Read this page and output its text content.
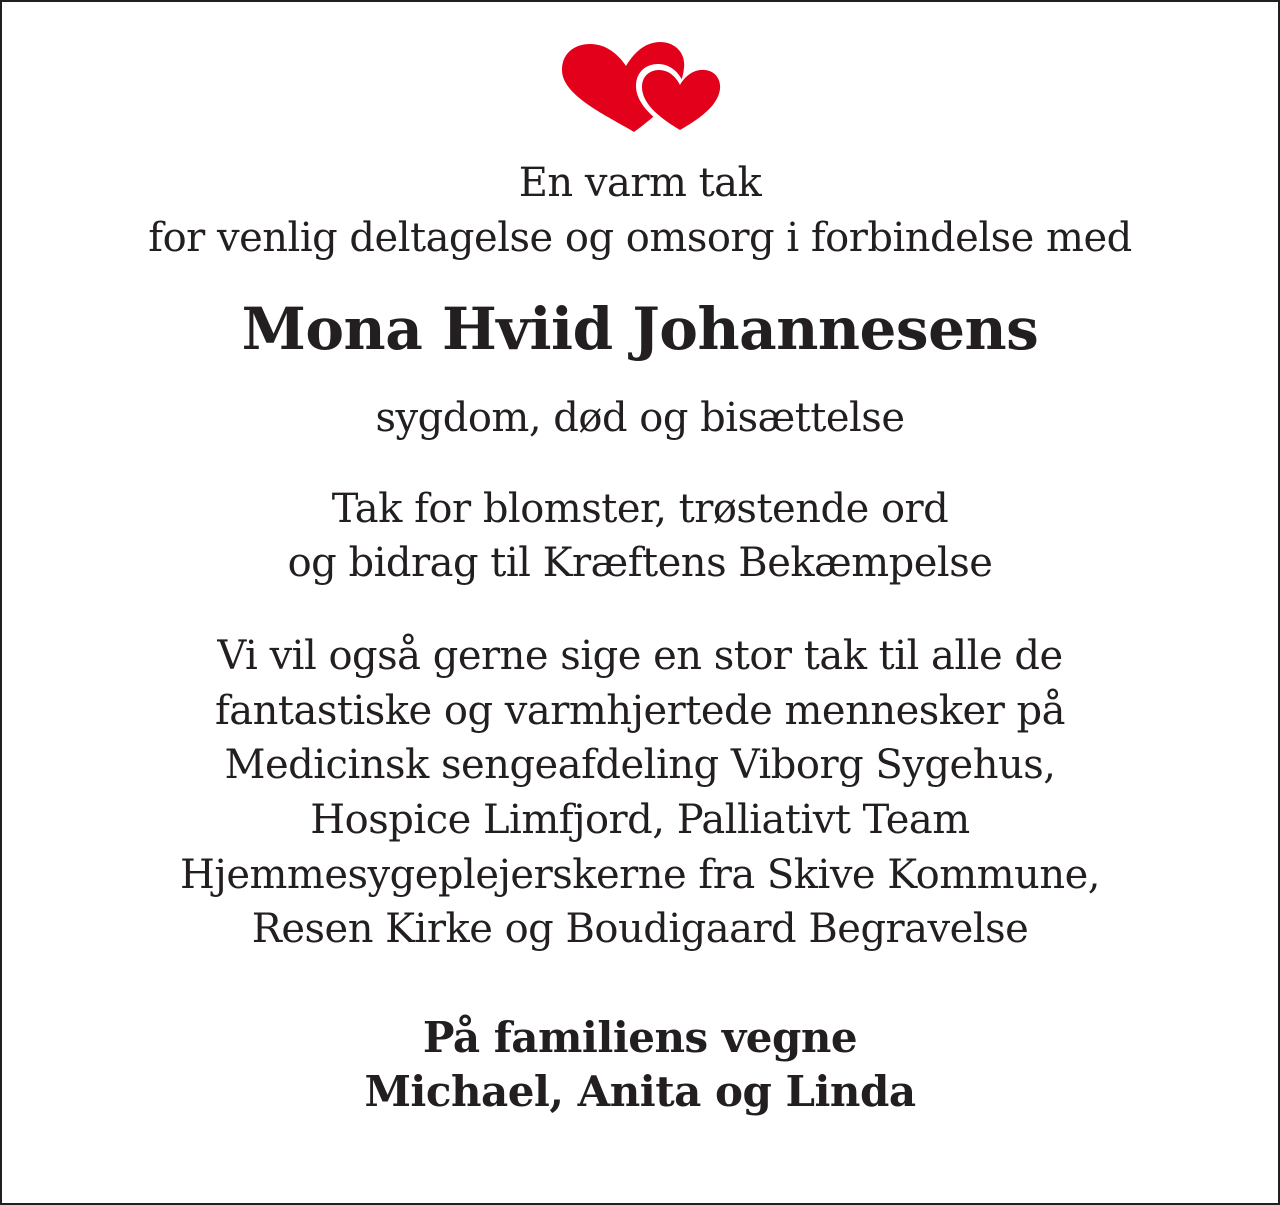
En varm tak

for venlig deltagelse og omsorg i forbindelse med

Mona Hviid Johannesens

sygdom, død og bisættelse

Tak for blomster, trøstende ord

og bidrag til Kræftens Bekæmpelse

Vi vil også gerne sige en stor tak til alle de

fantastiske og varmhjertede mennesker på

Medicinsk sengeafdeling Viborg Sygehus,

Hospice Limfjord, Palliativt Team

Hjemmesygeplejerskerne fra Skive Kommune,

Resen Kirke og Boudigaard Begravelse

På familiens vegne

Michael, Anita og Linda
